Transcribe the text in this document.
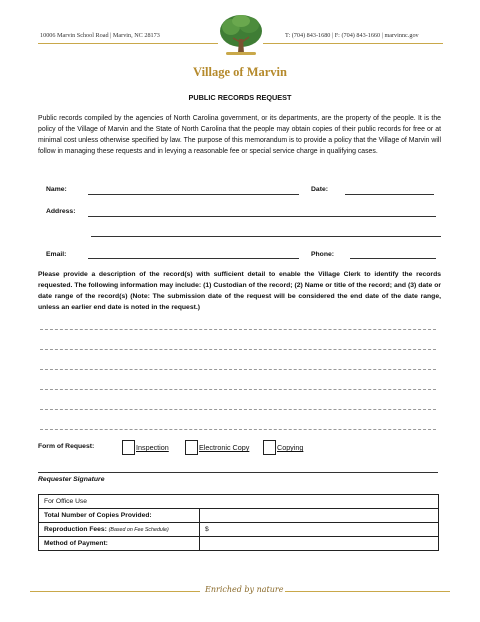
10006 Marvin School Road | Marvin, NC 28173	T: (704) 843-1680 | F: (704) 843-1660 | marvinnc.gov
Village of Marvin
PUBLIC RECORDS REQUEST
Public records compiled by the agencies of North Carolina government, or its departments, are the property of the people. It is the policy of the Village of Marvin and the State of North Carolina that the people may obtain copies of their public records for free or at minimal cost unless otherwise specified by law. The purpose of this memorandum is to provide a policy that the Village of Marvin will follow in managing these requests and in levying a reasonable fee or special service charge in qualifying cases.
Name:	Date:
Address:
Email:	Phone:
Please provide a description of the record(s) with sufficient detail to enable the Village Clerk to identify the records requested. The following information may include: (1) Custodian of the record; (2) Name or title of the record; and (3) date or date range of the record(s) (Note: The submission date of the request will be considered the end date of the date range, unless an earlier end date is noted in the request.)
Form of Request:	Inspection	Electronic Copy	Copying
Requester Signature
For Office Use	
Total Number of Copies Provided:	
Reproduction Fees: (Based on Fee Schedule)	$
Method of Payment:	
Enriched by nature
